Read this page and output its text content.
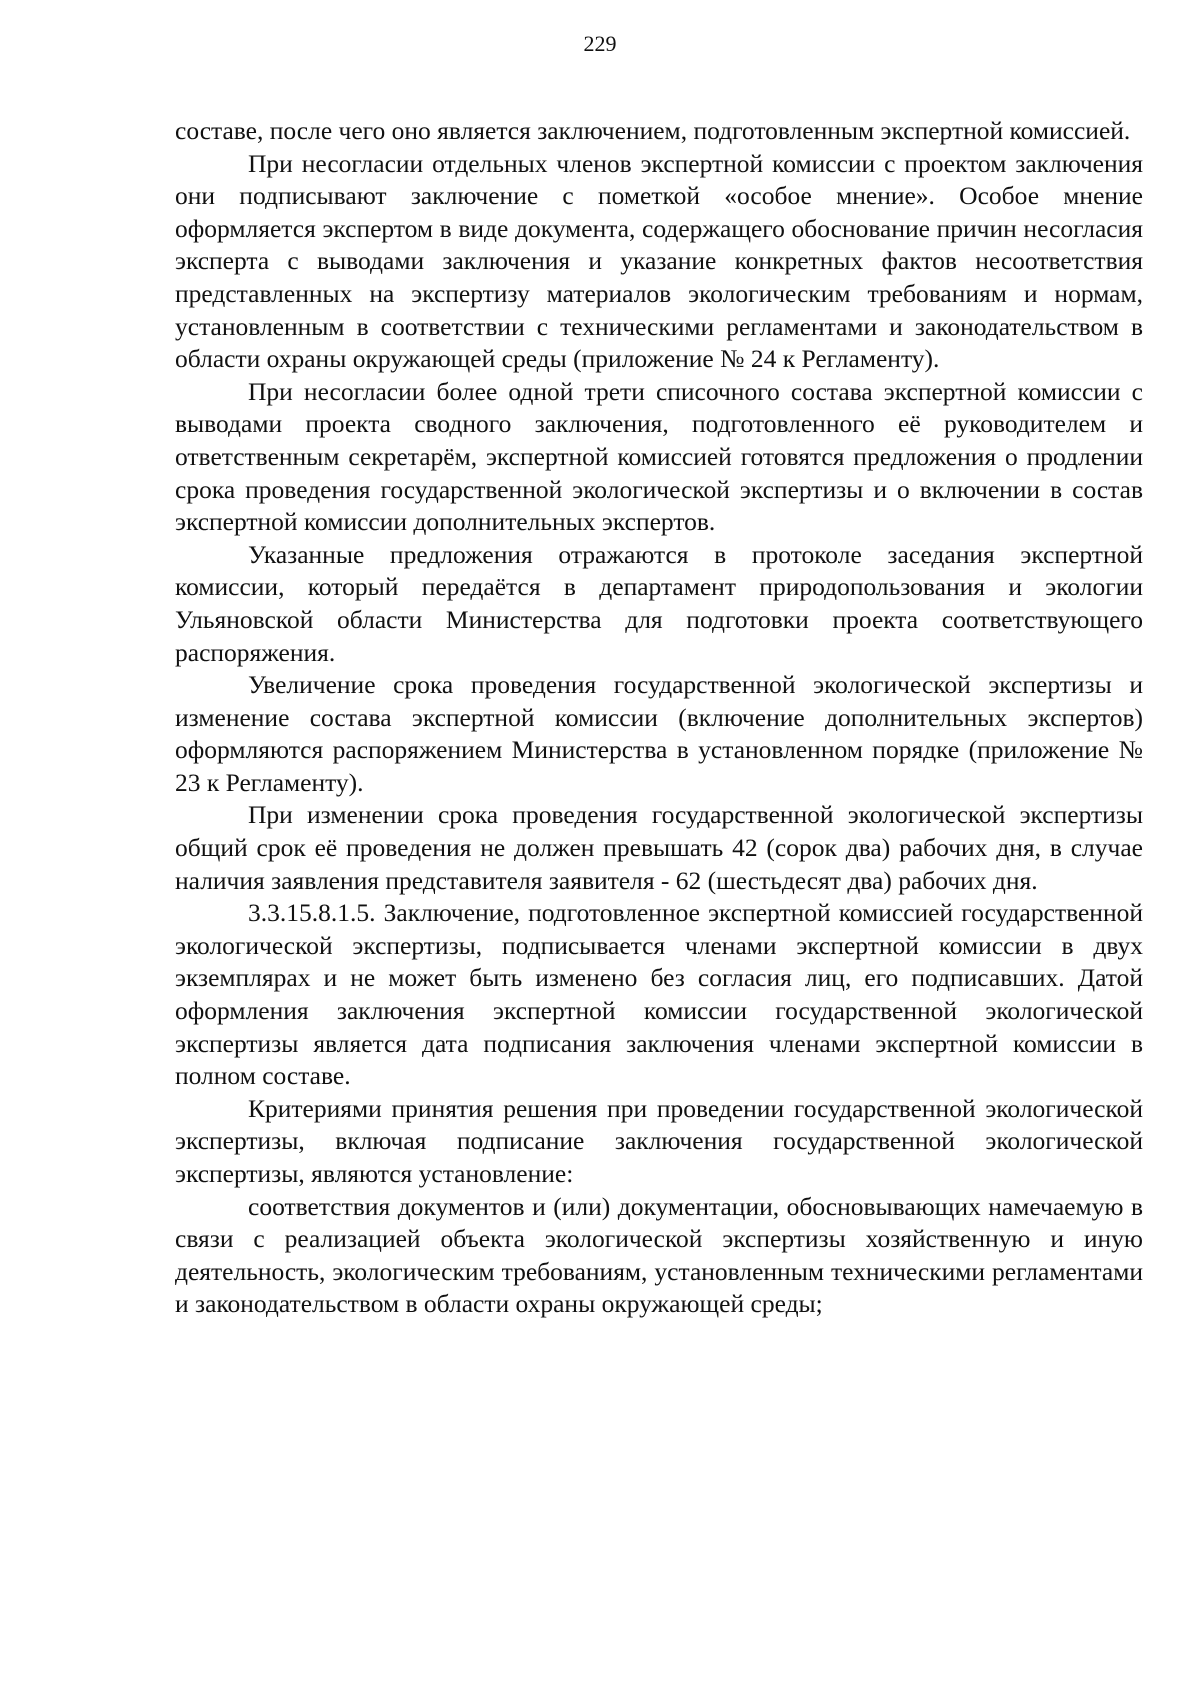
229

составе, после чего оно является заключением, подготовленным экспертной комиссией.

При несогласии отдельных членов экспертной комиссии с проектом заключения они подписывают заключение с пометкой «особое мнение». Особое мнение оформляется экспертом в виде документа, содержащего обоснование причин несогласия эксперта с выводами заключения и указание конкретных фактов несоответствия представленных на экспертизу материалов экологическим требованиям и нормам, установленным в соответствии с техническими регламентами и законодательством в области охраны окружающей среды (приложение № 24 к Регламенту).

При несогласии более одной трети списочного состава экспертной комиссии с выводами проекта сводного заключения, подготовленного её руководителем и ответственным секретарём, экспертной комиссией готовятся предложения о продлении срока проведения государственной экологической экспертизы и о включении в состав экспертной комиссии дополнительных экспертов.

Указанные предложения отражаются в протоколе заседания экспертной комиссии, который передаётся в департамент природопользования и экологии Ульяновской области Министерства для подготовки проекта соответствующего распоряжения.

Увеличение срока проведения государственной экологической экспертизы и изменение состава экспертной комиссии (включение дополнительных экспертов) оформляются распоряжением Министерства в установленном порядке (приложение № 23 к Регламенту).

При изменении срока проведения государственной экологической экспертизы общий срок её проведения не должен превышать 42 (сорок два) рабочих дня, в случае наличия заявления представителя заявителя - 62 (шестьдесят два) рабочих дня.

3.3.15.8.1.5. Заключение, подготовленное экспертной комиссией государственной экологической экспертизы, подписывается членами экспертной комиссии в двух экземплярах и не может быть изменено без согласия лиц, его подписавших. Датой оформления заключения экспертной комиссии государственной экологической экспертизы является дата подписания заключения членами экспертной комиссии в полном составе.

Критериями принятия решения при проведении государственной экологической экспертизы, включая подписание заключения государственной экологической экспертизы, являются установление:

соответствия документов и (или) документации, обосновывающих намечаемую в связи с реализацией объекта экологической экспертизы хозяйственную и иную деятельность, экологическим требованиям, установленным техническими регламентами и законодательством в области охраны окружающей среды;
